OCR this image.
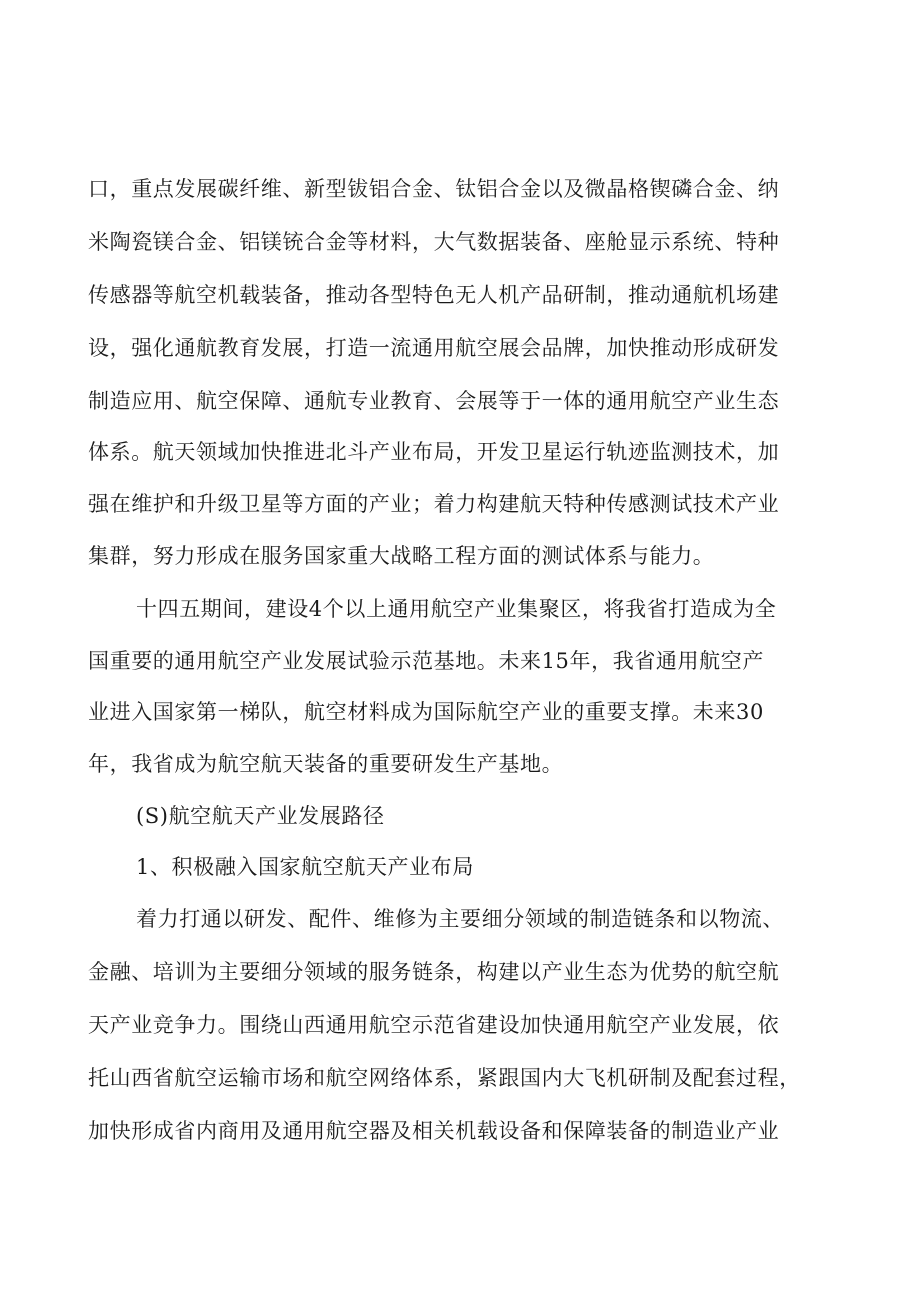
口，重点发展碳纤维、新型钹铝合金、钛铝合金以及微晶格锲磷合金、纳
米陶瓷镁合金、铝镁铳合金等材料，大气数据装备、座舱显示系统、特种
传感器等航空机载装备，推动各型特色无人机产品研制，推动通航机场建
设，强化通航教育发展，打造一流通用航空展会品牌，加快推动形成研发
制造应用、航空保障、通航专业教育、会展等于一体的通用航空产业生态
体系。航天领域加快推进北斗产业布局，开发卫星运行轨迹监测技术，加
强在维护和升级卫星等方面的产业；着力构建航天特种传感测试技术产业
集群，努力形成在服务国家重大战略工程方面的测试体系与能力。
十四五期间，建设4个以上通用航空产业集聚区，将我省打造成为全
国重要的通用航空产业发展试验示范基地。未来15年，我省通用航空产
业进入国家第一梯队，航空材料成为国际航空产业的重要支撑。未来30
年，我省成为航空航天装备的重要研发生产基地。
(S)航空航天产业发展路径
1、积极融入国家航空航天产业布局
着力打通以研发、配件、维修为主要细分领域的制造链条和以物流、
金融、培训为主要细分领域的服务链条，构建以产业生态为优势的航空航
天产业竞争力。围绕山西通用航空示范省建设加快通用航空产业发展，依
托山西省航空运输市场和航空网络体系，紧跟国内大飞机研制及配套过程，
加快形成省内商用及通用航空器及相关机载设备和保障装备的制造业产业
